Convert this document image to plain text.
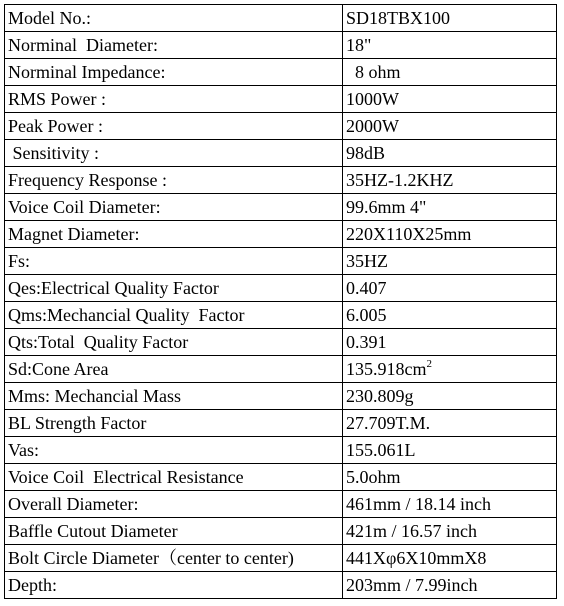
Model No.:	SD18TBX100
Norminal  Diameter:	18"
Norminal Impedance:	8 ohm
RMS Power :	1000W
Peak Power :	2000W
Sensitivity :	98dB
Frequency Response :	35HZ-1.2KHZ
Voice Coil Diameter:	99.6mm 4"
Magnet Diameter:	220X110X25mm
Fs:	35HZ
Qes:Electrical Quality Factor	0.407
Qms:Mechancial Quality  Factor	6.005
Qts:Total  Quality Factor	0.391
Sd:Cone Area	$135.918cm^2$
Mms: Mechancial Mass	230.809g
BL Strength Factor	27.709T.M.
Vas:	155.061L
Voice Coil  Electrical Resistance	5.0ohm
Overall Diameter:	461mm / 18.14 inch
Baffle Cutout Diameter	421m / 16.57 inch
Bolt Circle Diameter（center to center)	441Xφ6X10mmX8
Depth:	203mm / 7.99inch
